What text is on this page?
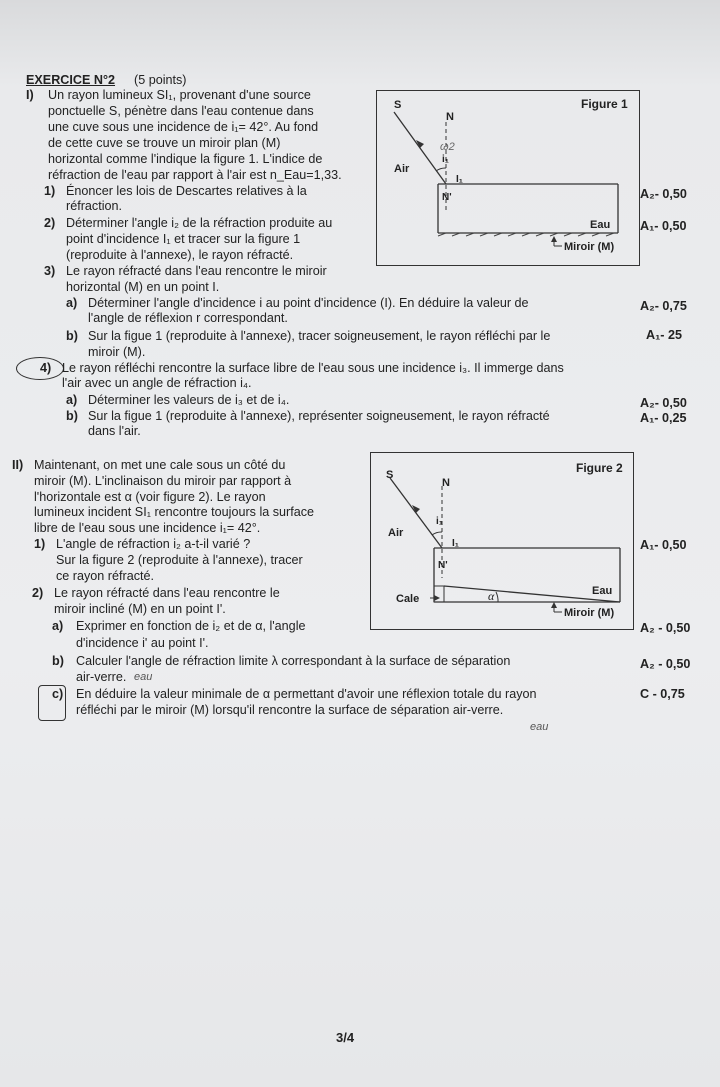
EXERCICE N°2 (5 points)
I) Un rayon lumineux SI₁, provenant d'une source
ponctuelle S, pénètre dans l'eau contenue dans
une cuve sous une incidence de i₁= 42°. Au fond
de cette cuve se trouve un miroir plan (M)
horizontal comme l'indique la figure 1. L'indice de
réfraction de l'eau par rapport à l'air est n_Eau=1,33.
1) Énoncer les lois de Descartes relatives à la
réfraction.
A₂- 0,50
2) Déterminer l'angle i₂ de la réfraction produite au
point d'incidence I₁ et tracer sur la figure 1
(reproduite à l'annexe), le rayon réfracté.
A₁- 0,50
3) Le rayon réfracté dans l'eau rencontre le miroir
horizontal (M) en un point I.
a) Déterminer l'angle d'incidence i au point d'incidence (I). En déduire la valeur de
l'angle de réflexion r correspondant.
A₂- 0,75
b) Sur la figue 1 (reproduite à l'annexe), tracer soigneusement, le rayon réfléchi par le
miroir (M).
A₁- 25
4) Le rayon réfléchi rencontre la surface libre de l'eau sous une incidence i₃. Il immerge dans
l'air avec un angle de réfraction i₄.
a) Déterminer les valeurs de i₃ et de i₄.	A₂- 0,50
b) Sur la figue 1 (reproduite à l'annexe), représenter soigneusement, le rayon réfracté
dans l'air.
A₁- 0,25
II) Maintenant, on met une cale sous un côté du
miroir (M). L'inclinaison du miroir par rapport à
l'horizontale est α (voir figure 2). Le rayon
lumineux incident SI₁ rencontre toujours la surface
libre de l'eau sous une incidence i₁= 42°.
1) L'angle de réfraction i₂ a-t-il varié ?
Sur la figure 2 (reproduite à l'annexe), tracer
ce rayon réfracté.
A₁- 0,50
2) Le rayon réfracté dans l'eau rencontre le
miroir incliné (M) en un point I'.
a) Exprimer en fonction de i₂ et de α, l'angle
d'incidence i' au point I'.
A₂ - 0,50
b) Calculer l'angle de réfraction limite λ correspondant à la surface de séparation
air-verre. eau
A₂ - 0,50
c) En déduire la valeur minimale de α permettant d'avoir une réflexion totale du rayon
réfléchi par le miroir (M) lorsqu'il rencontre la surface de séparation air-verre.
eau
C - 0,75
Figure 1
S
N
ω2
i₁
Air
I₁
N'
Eau
Miroir (M)
Figure 2
S
N
i₁
Air
I₁
N'
Eau
Cale	α
Miroir (M)
3/4
